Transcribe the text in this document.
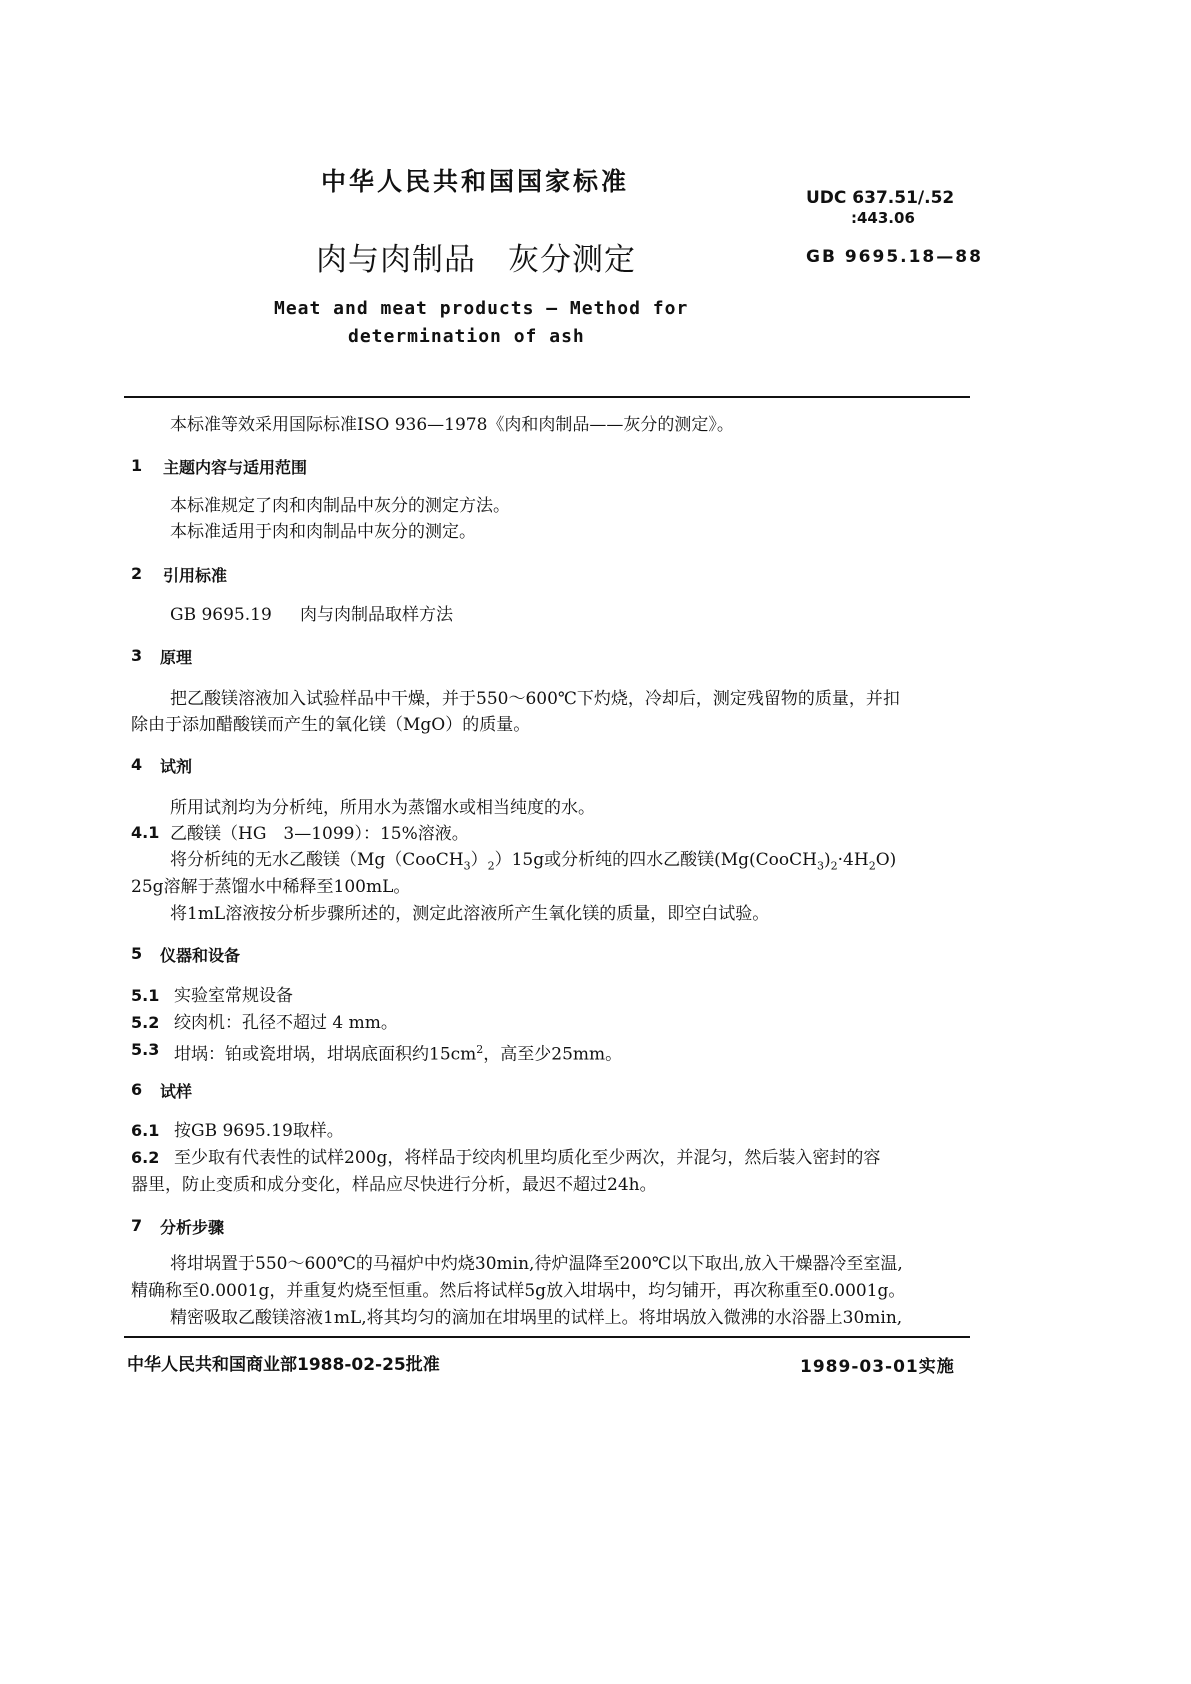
中华人民共和国国家标准
UDC 637.51/.52
:443.06
肉与肉制品　灰分测定	GB 9695.18—88
Meat and meat products — Method for
determination of ash
本标准等效采用国际标准ISO 936—1978《肉和肉制品——灰分的测定》。
1 主题内容与适用范围
本标准规定了肉和肉制品中灰分的测定方法。
本标准适用于肉和肉制品中灰分的测定。
2 引用标准
GB 9695.19 肉与肉制品取样方法
3 原理
把乙酸镁溶液加入试验样品中干燥，并于550～600℃下灼烧，冷却后，测定残留物的质量，并扣
除由于添加醋酸镁而产生的氧化镁（MgO）的质量。
4 试剂
所用试剂均为分析纯，所用水为蒸馏水或相当纯度的水。
4.1 乙酸镁（HG　3—1099）：15%溶液。
将分析纯的无水乙酸镁$(Mg(CooCH_3)_2)15g$或分析纯的四水乙酸镁$(Mg(CooCH_3)_2\cdot 4H_2O)$
25g溶解于蒸馏水中稀释至100mL。
将1mL溶液按分析步骤所述的，测定此溶液所产生氧化镁的质量，即空白试验。
5 仪器和设备
5.1 实验室常规设备
5.2 绞肉机：孔径不超过 4 mm。
5.3 坩埚：铂或瓷坩埚，坩埚底面积约$15cm^2$，高至少25mm。
6 试样
6.1 按GB 9695.19取样。
6.2 至少取有代表性的试样200g，将样品于绞肉机里均质化至少两次，并混匀，然后装入密封的容
器里，防止变质和成分变化，样品应尽快进行分析，最迟不超过24h。
7 分析步骤
将坩埚置于550～600℃的马福炉中灼烧30min,待炉温降至200℃以下取出,放入干燥器冷至室温,
精确称至0.0001g，并重复灼烧至恒重。然后将试样5g放入坩埚中，均匀铺开，再次称重至0.0001g。
精密吸取乙酸镁溶液1mL,将其均匀的滴加在坩埚里的试样上。将坩埚放入微沸的水浴器上30min,
中华人民共和国商业部1988-02-25批准	1989-03-01实施
